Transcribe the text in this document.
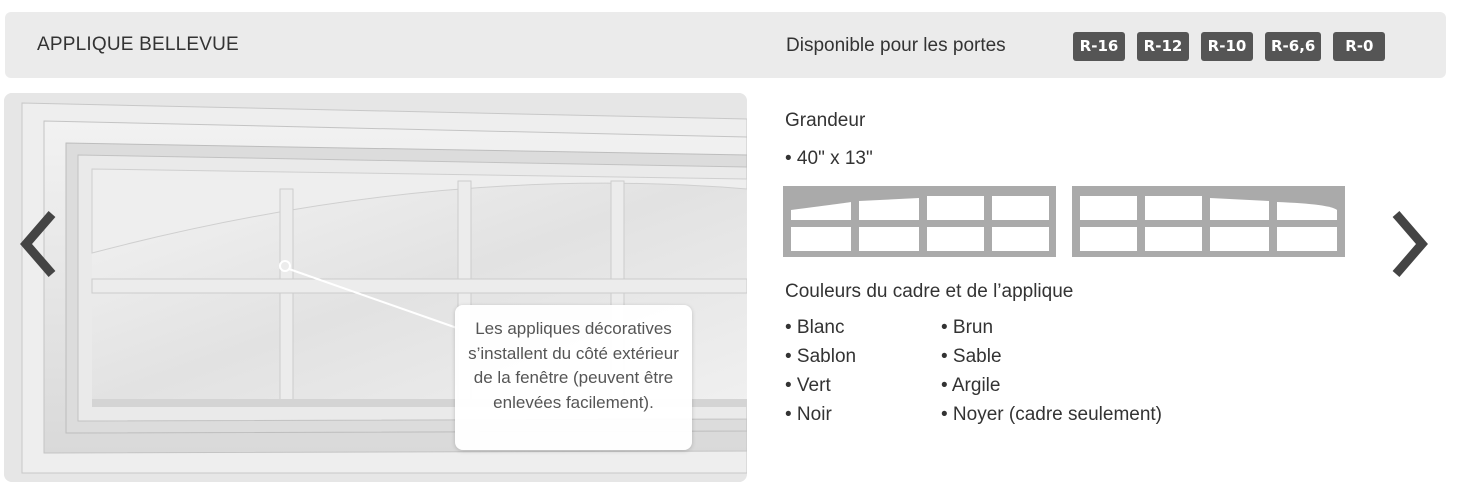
APPLIQUE BELLEVUE	Disponible pour les portes	R-16	R-12	R-10	R-6,6	R-0
Les appliques décoratives s’installent du côté extérieur de la fenêtre (peuvent être enlevées facilement).
Grandeur
• 40" x 13"
Couleurs du cadre et de l’applique
• Blanc	• Brun
• Sablon	• Sable
• Vert	• Argile
• Noir	• Noyer (cadre seulement)
